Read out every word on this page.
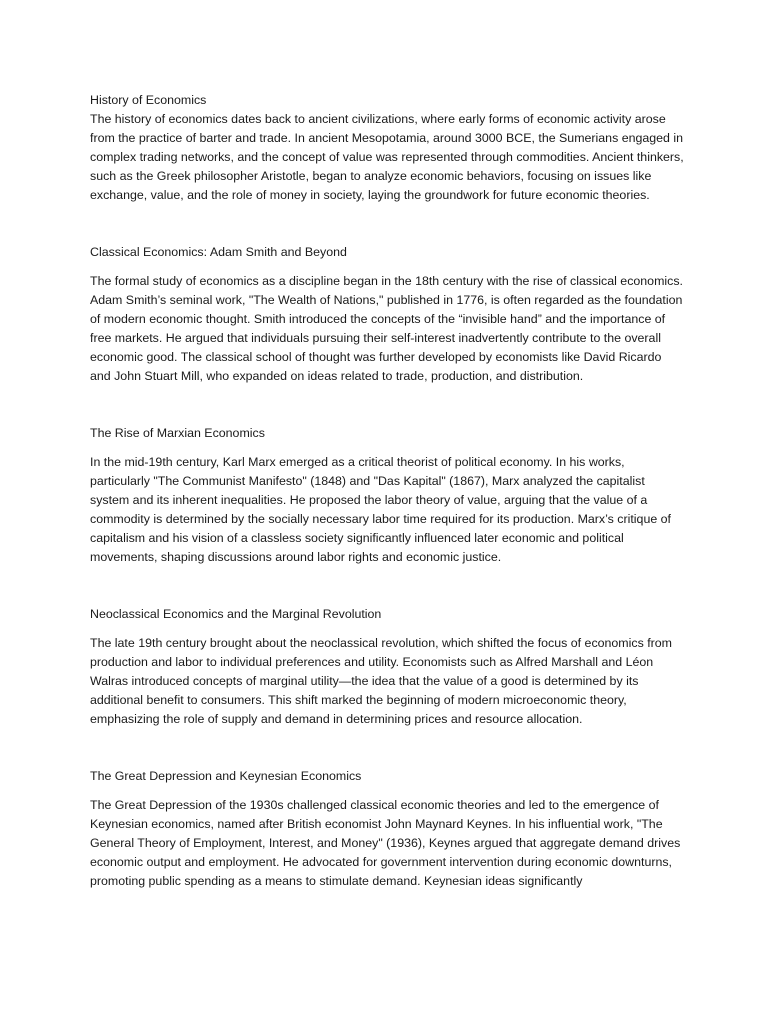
History of Economics

The history of economics dates back to ancient civilizations, where early forms of economic activity arose from the practice of barter and trade. In ancient Mesopotamia, around 3000 BCE, the Sumerians engaged in complex trading networks, and the concept of value was represented through commodities. Ancient thinkers, such as the Greek philosopher Aristotle, began to analyze economic behaviors, focusing on issues like exchange, value, and the role of money in society, laying the groundwork for future economic theories.

Classical Economics: Adam Smith and Beyond

The formal study of economics as a discipline began in the 18th century with the rise of classical economics. Adam Smith’s seminal work, "The Wealth of Nations," published in 1776, is often regarded as the foundation of modern economic thought. Smith introduced the concepts of the “invisible hand” and the importance of free markets. He argued that individuals pursuing their self-interest inadvertently contribute to the overall economic good. The classical school of thought was further developed by economists like David Ricardo and John Stuart Mill, who expanded on ideas related to trade, production, and distribution.

The Rise of Marxian Economics

In the mid-19th century, Karl Marx emerged as a critical theorist of political economy. In his works, particularly "The Communist Manifesto" (1848) and "Das Kapital" (1867), Marx analyzed the capitalist system and its inherent inequalities. He proposed the labor theory of value, arguing that the value of a commodity is determined by the socially necessary labor time required for its production. Marx’s critique of capitalism and his vision of a classless society significantly influenced later economic and political movements, shaping discussions around labor rights and economic justice.

Neoclassical Economics and the Marginal Revolution

The late 19th century brought about the neoclassical revolution, which shifted the focus of economics from production and labor to individual preferences and utility. Economists such as Alfred Marshall and Léon Walras introduced concepts of marginal utility—the idea that the value of a good is determined by its additional benefit to consumers. This shift marked the beginning of modern microeconomic theory, emphasizing the role of supply and demand in determining prices and resource allocation.

The Great Depression and Keynesian Economics

The Great Depression of the 1930s challenged classical economic theories and led to the emergence of Keynesian economics, named after British economist John Maynard Keynes. In his influential work, "The General Theory of Employment, Interest, and Money" (1936), Keynes argued that aggregate demand drives economic output and employment. He advocated for government intervention during economic downturns, promoting public spending as a means to stimulate demand. Keynesian ideas significantly
